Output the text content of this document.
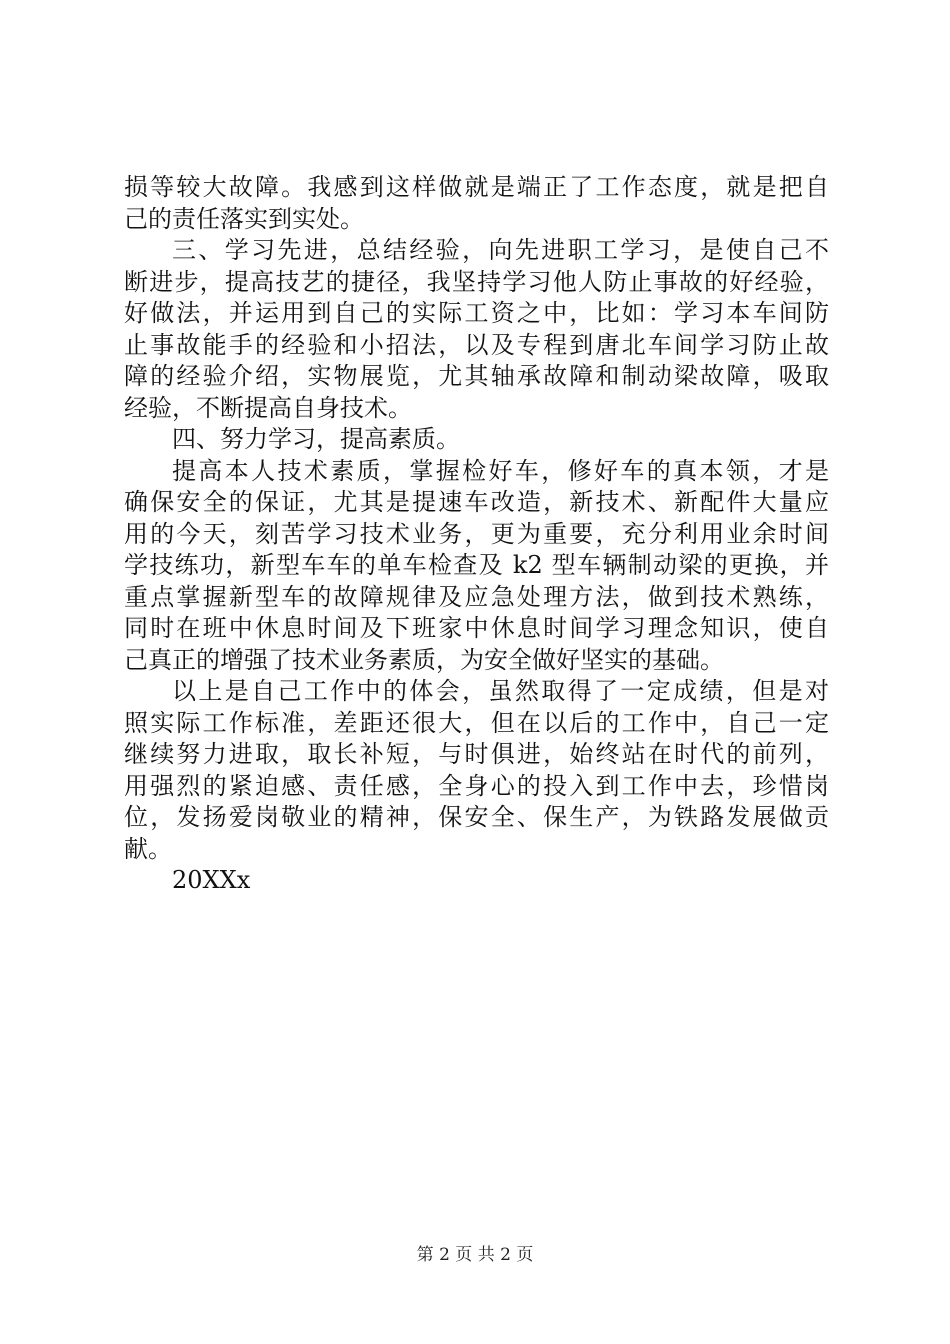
损等较大故障。我感到这样做就是端正了工作态度，就是把自
己的责任落实到实处。
三、学习先进，总结经验，向先进职工学习，是使自己不
断进步，提高技艺的捷径，我坚持学习他人防止事故的好经验，
好做法，并运用到自己的实际工资之中，比如：学习本车间防
止事故能手的经验和小招法，以及专程到唐北车间学习防止故
障的经验介绍，实物展览，尤其轴承故障和制动梁故障，吸取
经验，不断提高自身技术。
四、努力学习，提高素质。
提高本人技术素质，掌握检好车，修好车的真本领，才是
确保安全的保证，尤其是提速车改造，新技术、新配件大量应
用的今天，刻苦学习技术业务，更为重要，充分利用业余时间
学技练功，新型车车的单车检查及 k2 型车辆制动梁的更换，并
重点掌握新型车的故障规律及应急处理方法，做到技术熟练，
同时在班中休息时间及下班家中休息时间学习理念知识，使自
己真正的增强了技术业务素质，为安全做好坚实的基础。
以上是自己工作中的体会，虽然取得了一定成绩，但是对
照实际工作标准，差距还很大，但在以后的工作中，自己一定
继续努力进取，取长补短，与时俱进，始终站在时代的前列，
用强烈的紧迫感、责任感，全身心的投入到工作中去，珍惜岗
位，发扬爱岗敬业的精神，保安全、保生产，为铁路发展做贡
献。
20XXx
第 2 页 共 2 页
